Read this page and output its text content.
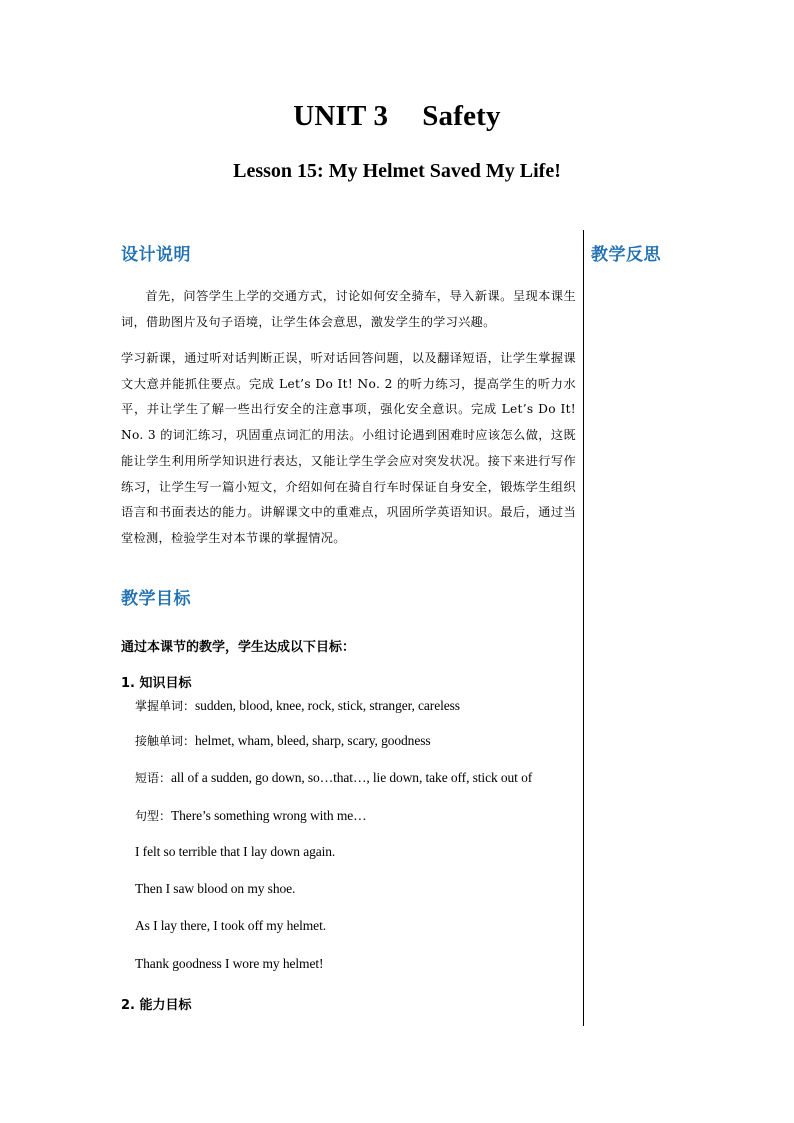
UNIT 3 Safety
Lesson 15: My Helmet Saved My Life!
设计说明	教学反思
首先，问答学生上学的交通方式，讨论如何安全骑车，导入新课。呈现本课生词，借助图片及句子语境，让学生体会意思，激发学生的学习兴趣。
学习新课，通过听对话判断正误，听对话回答问题，以及翻译短语，让学生掌握课文大意并能抓住要点。完成 Let’s Do It! No. 2 的听力练习，提高学生的听力水平，并让学生了解一些出行安全的注意事项，强化安全意识。完成 Let’s Do It! No. 3 的词汇练习，巩固重点词汇的用法。小组讨论遇到困难时应该怎么做，这既能让学生利用所学知识进行表达，又能让学生学会应对突发状况。接下来进行写作练习，让学生写一篇小短文，介绍如何在骑自行车时保证自身安全，锻炼学生组织语言和书面表达的能力。讲解课文中的重难点，巩固所学英语知识。最后，通过当堂检测，检验学生对本节课的掌握情况。
教学目标
通过本课节的教学，学生达成以下目标：
1. 知识目标
掌握单词：sudden, blood, knee, rock, stick, stranger, careless
接触单词：helmet, wham, bleed, sharp, scary, goodness
短语：all of a sudden, go down, so…that…, lie down, take off, stick out of
句型：There’s something wrong with me…
I felt so terrible that I lay down again.
Then I saw blood on my shoe.
As I lay there, I took off my helmet.
Thank goodness I wore my helmet!
2. 能力目标
